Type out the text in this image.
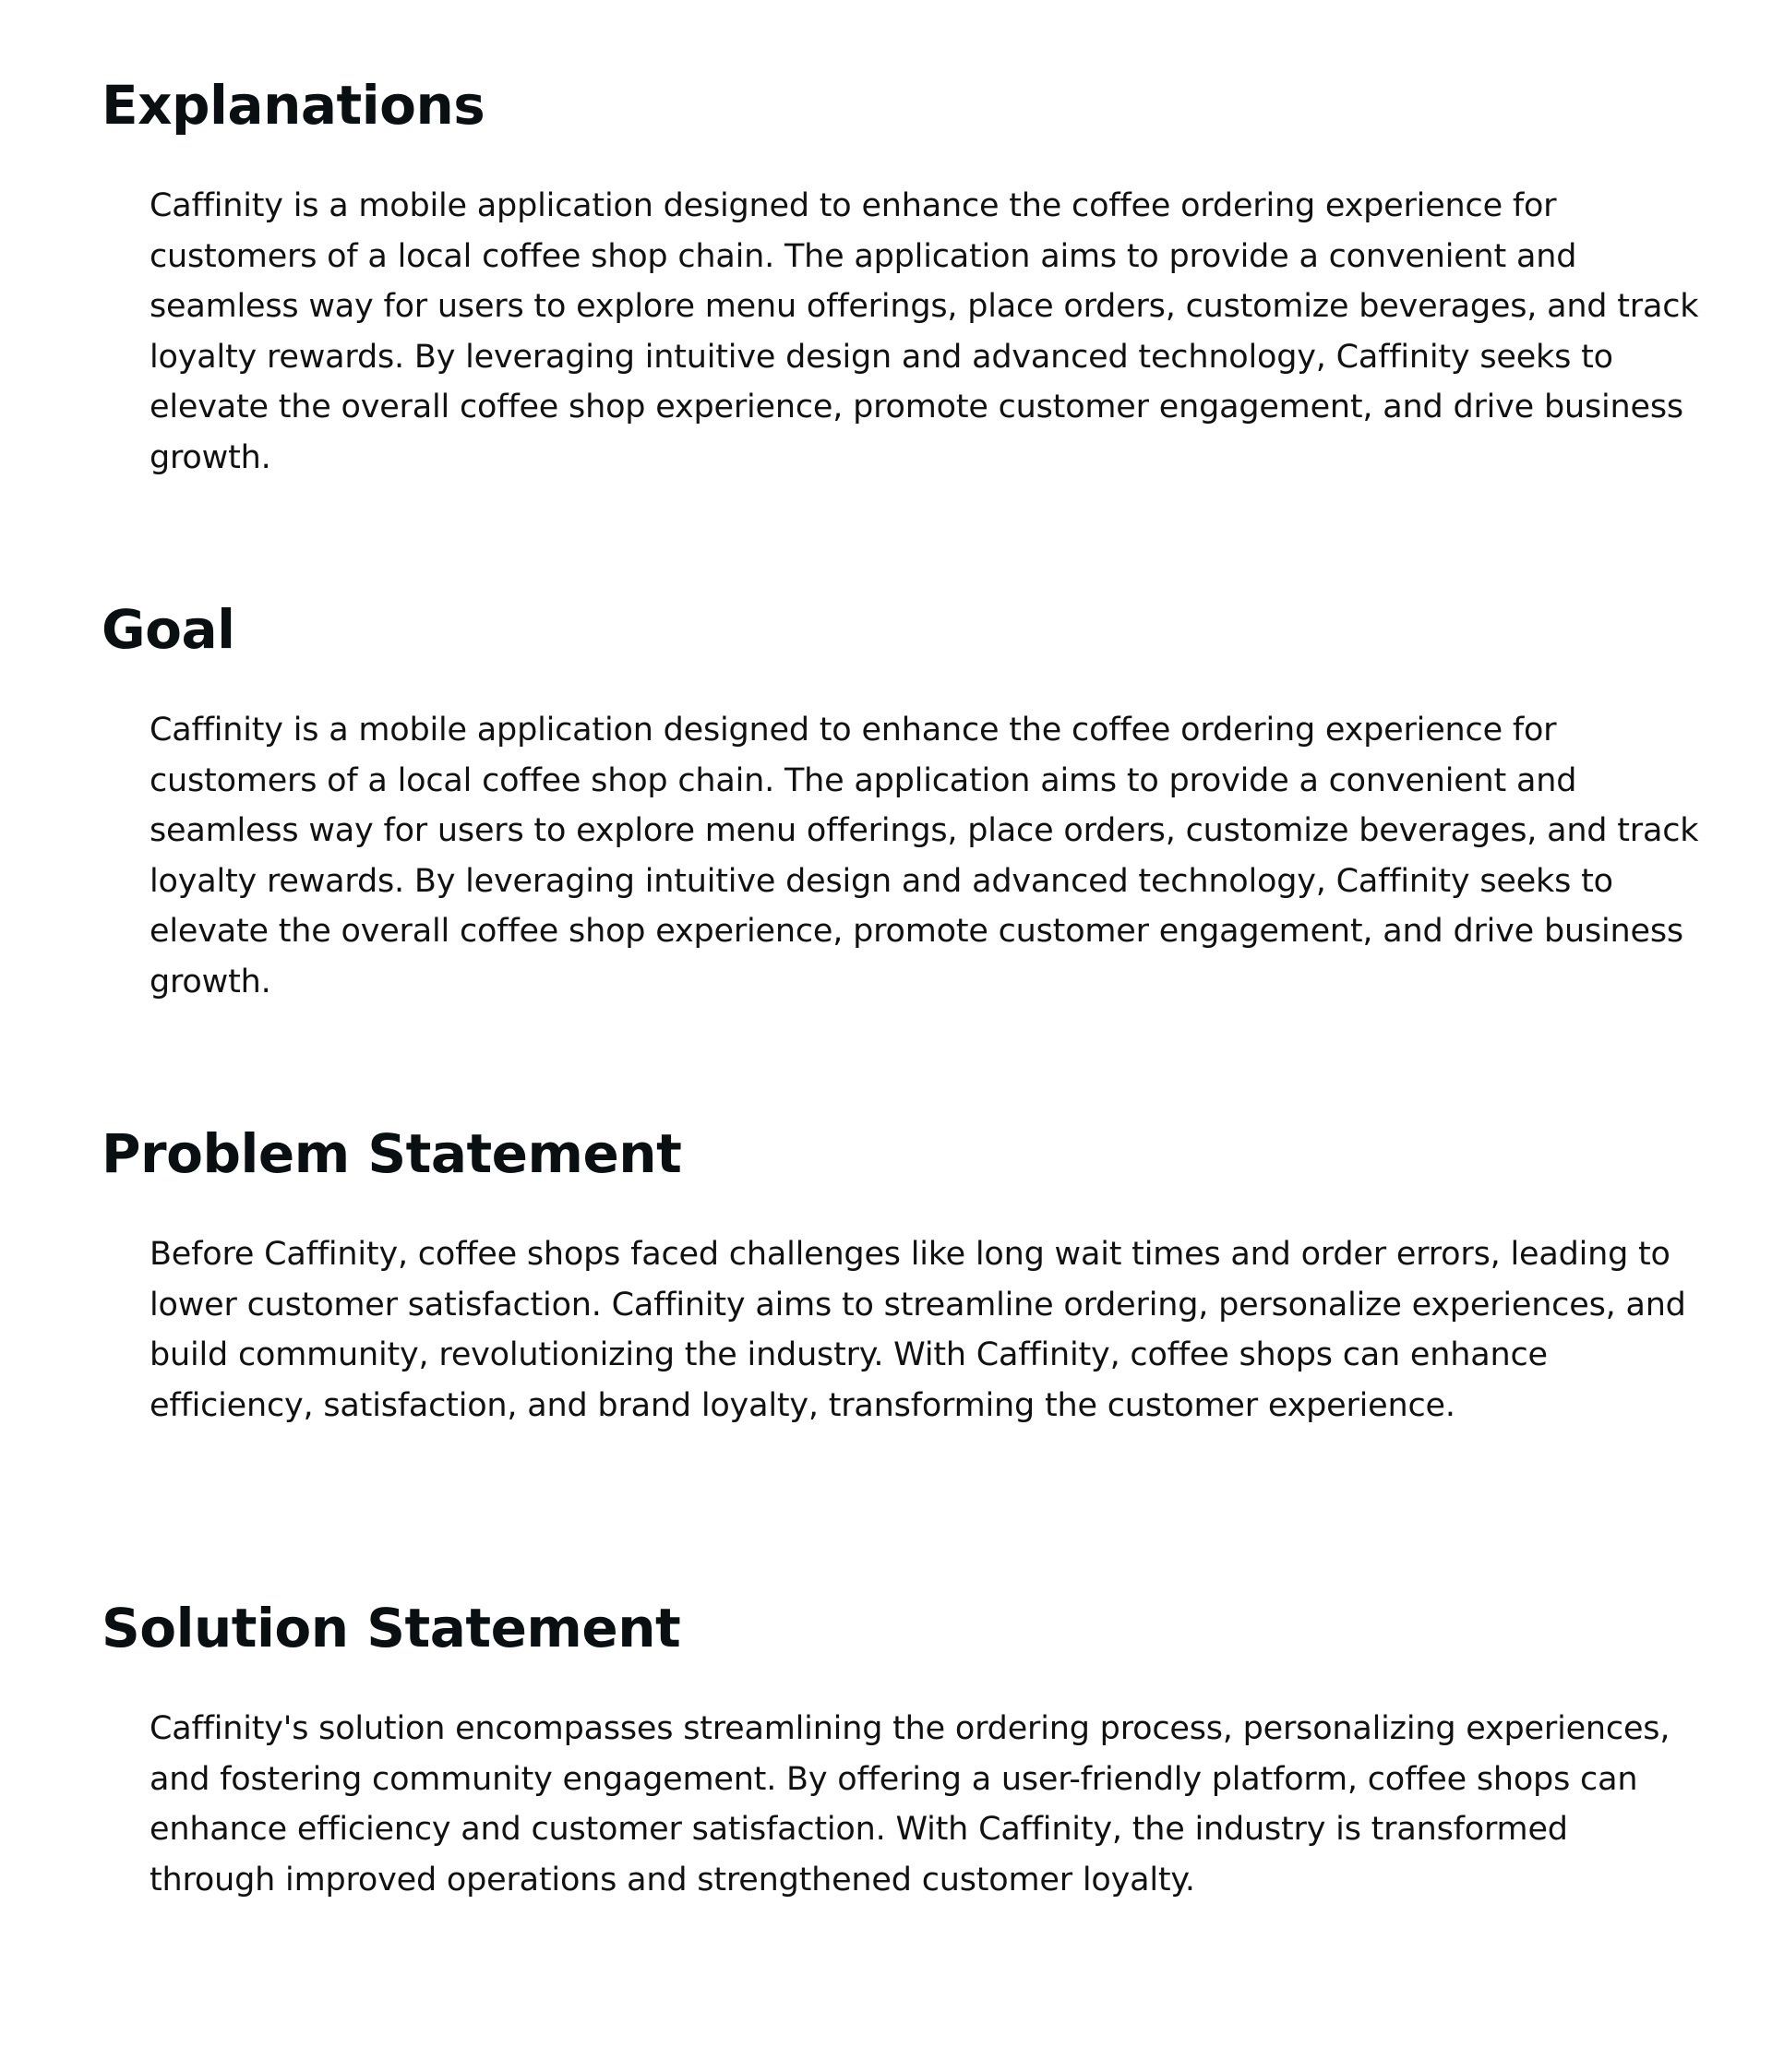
Explanations

Caffinity is a mobile application designed to enhance the coffee ordering experience for customers of a local coffee shop chain. The application aims to provide a convenient and seamless way for users to explore menu offerings, place orders, customize beverages, and track loyalty rewards. By leveraging intuitive design and advanced technology, Caffinity seeks to elevate the overall coffee shop experience, promote customer engagement, and drive business growth.

Goal

Caffinity is a mobile application designed to enhance the coffee ordering experience for customers of a local coffee shop chain. The application aims to provide a convenient and seamless way for users to explore menu offerings, place orders, customize beverages, and track loyalty rewards. By leveraging intuitive design and advanced technology, Caffinity seeks to elevate the overall coffee shop experience, promote customer engagement, and drive business growth.

Problem Statement

Before Caffinity, coffee shops faced challenges like long wait times and order errors, leading to lower customer satisfaction. Caffinity aims to streamline ordering, personalize experiences, and build community, revolutionizing the industry. With Caffinity, coffee shops can enhance efficiency, satisfaction, and brand loyalty, transforming the customer experience.

Solution Statement

Caffinity's solution encompasses streamlining the ordering process, personalizing experiences, and fostering community engagement. By offering a user-friendly platform, coffee shops can enhance efficiency and customer satisfaction. With Caffinity, the industry is transformed through improved operations and strengthened customer loyalty.
